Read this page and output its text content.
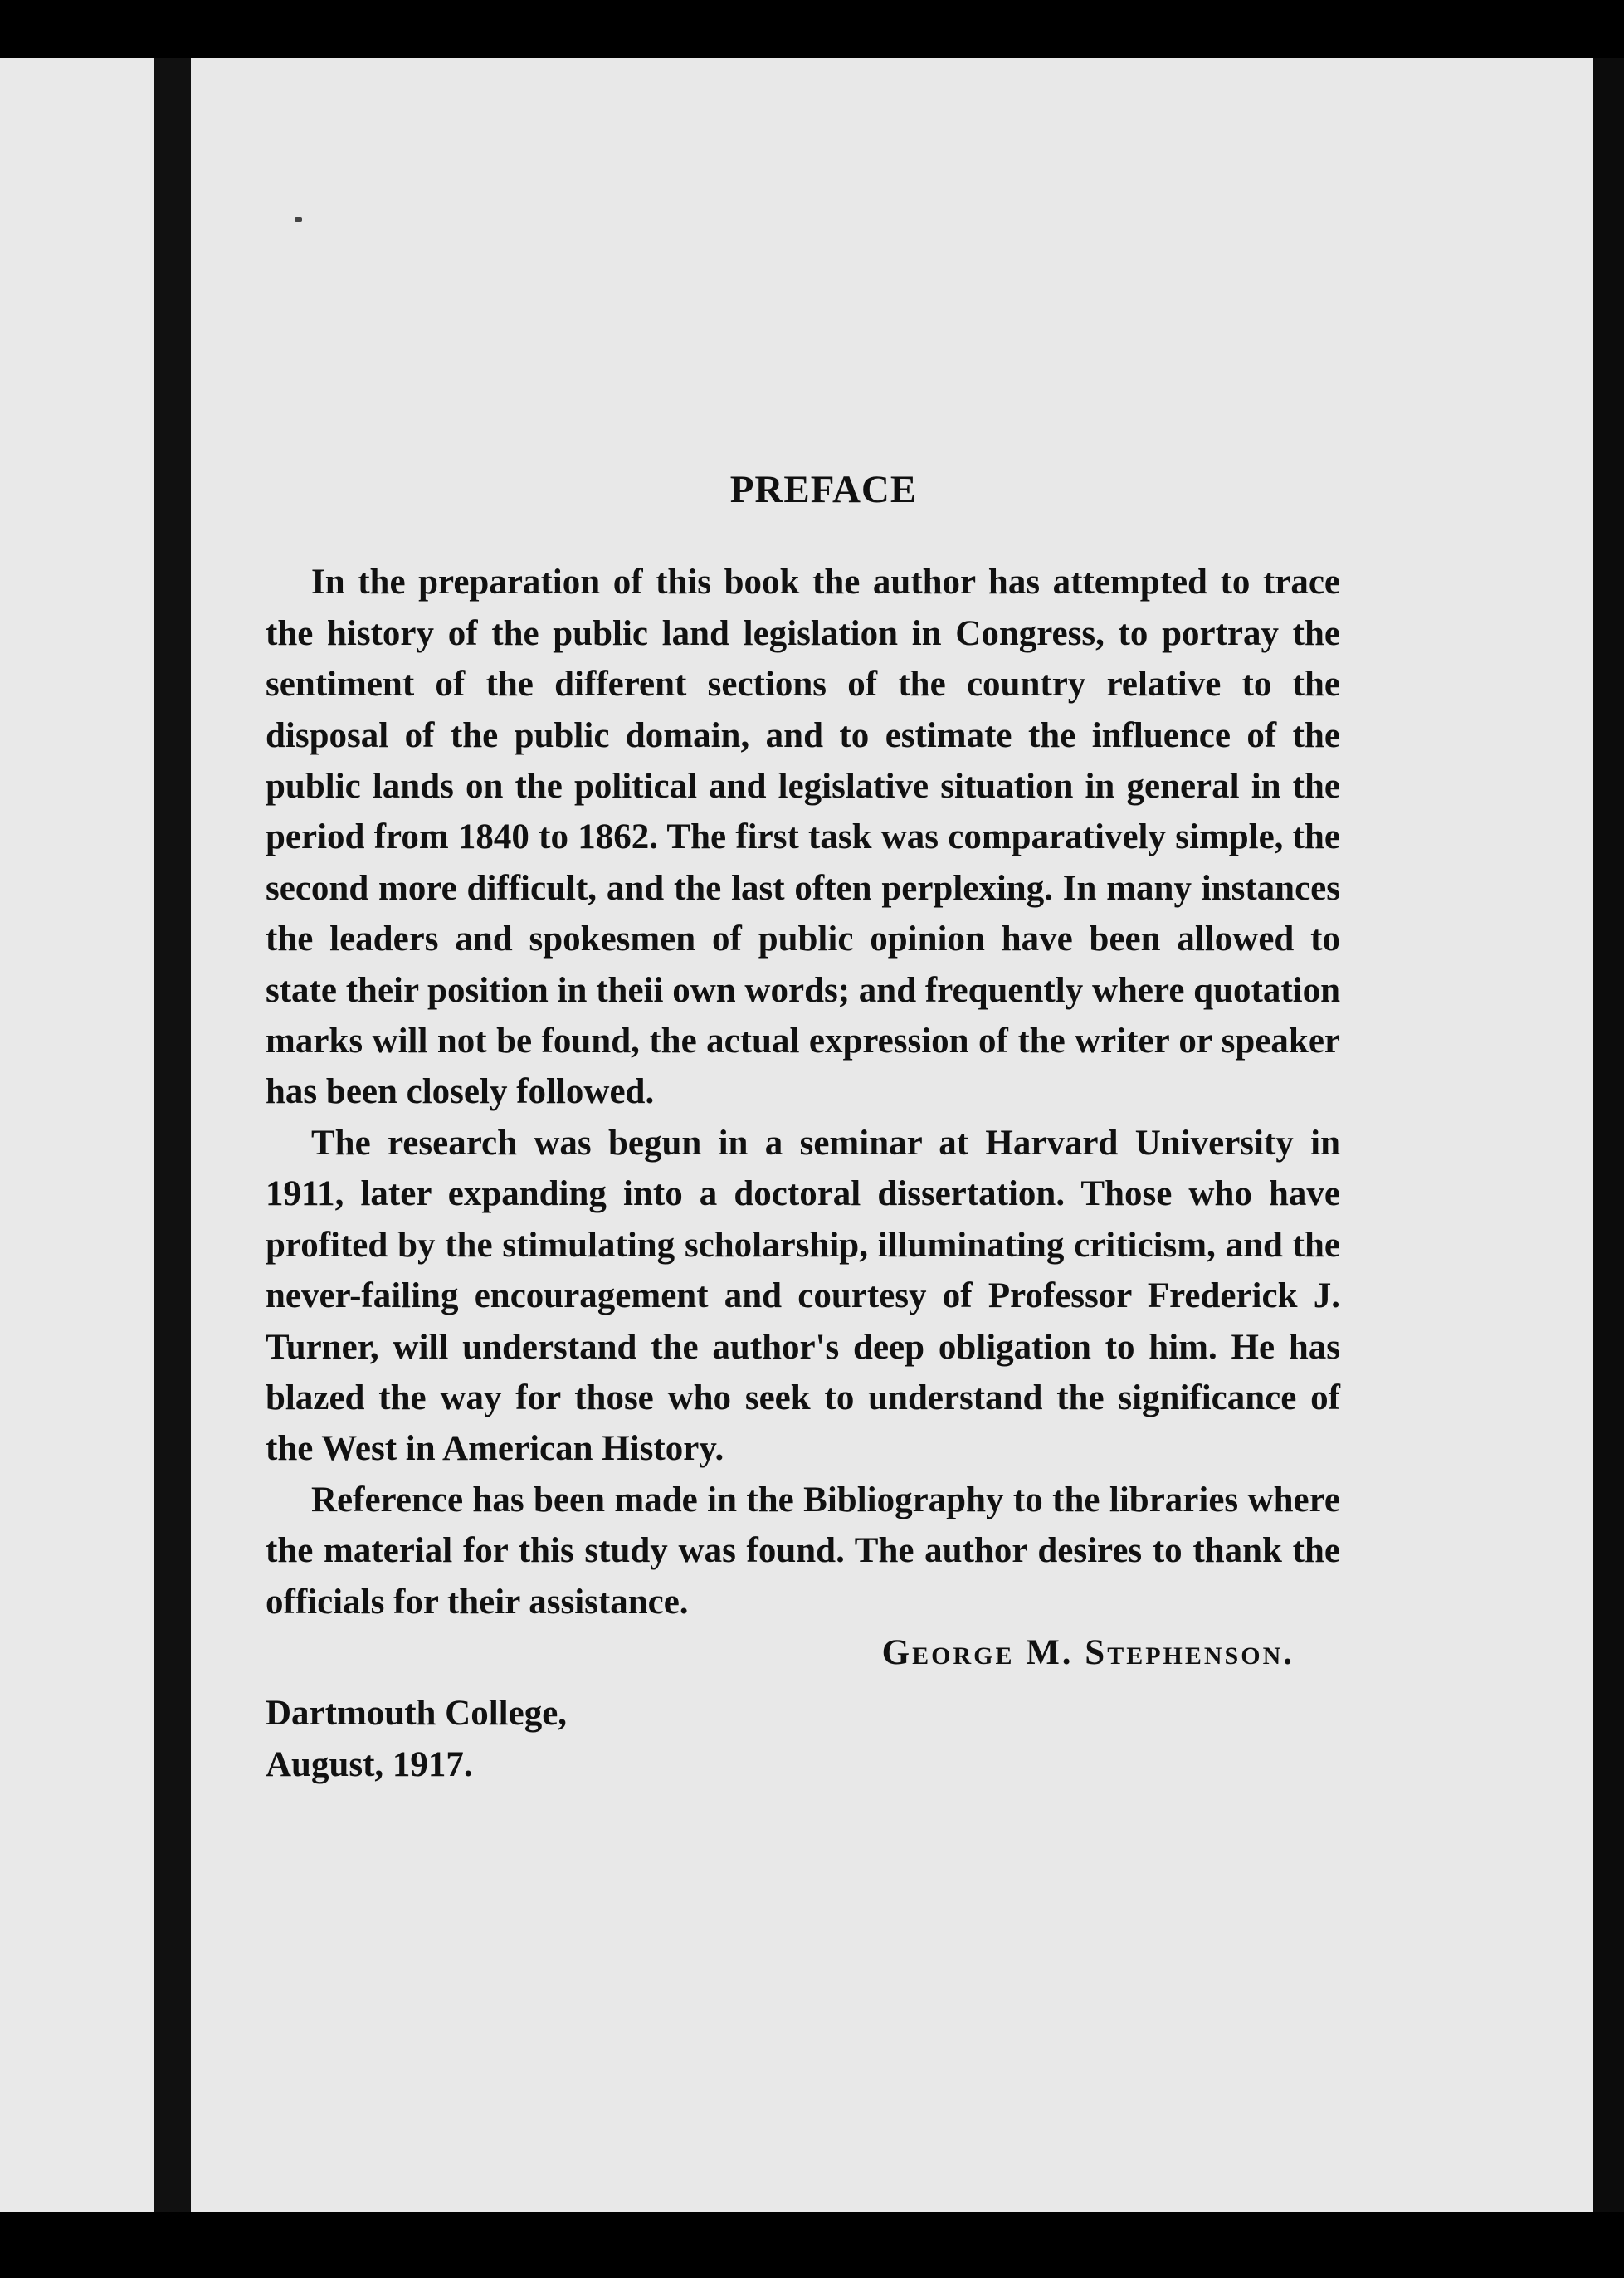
PREFACE

In the preparation of this book the author has attempted to trace the history of the public land legislation in Congress, to portray the sentiment of the different sections of the country relative to the disposal of the public domain, and to estimate the influence of the public lands on the political and legislative situation in general in the period from 1840 to 1862. The first task was comparatively simple, the second more difficult, and the last often perplexing. In many instances the leaders and spokesmen of public opinion have been allowed to state their position in theii own words; and frequently where quotation marks will not be found, the actual expression of the writer or speaker has been closely followed.

The research was begun in a seminar at Harvard University in 1911, later expanding into a doctoral dissertation. Those who have profited by the stimulating scholarship, illuminating criticism, and the never-failing encouragement and courtesy of Professor Frederick J. Turner, will understand the author's deep obligation to him. He has blazed the way for those who seek to understand the significance of the West in American History.

Reference has been made in the Bibliography to the libraries where the material for this study was found. The author desires to thank the officials for their assistance.

George M. Stephenson.

Dartmouth College,

August, 1917.
